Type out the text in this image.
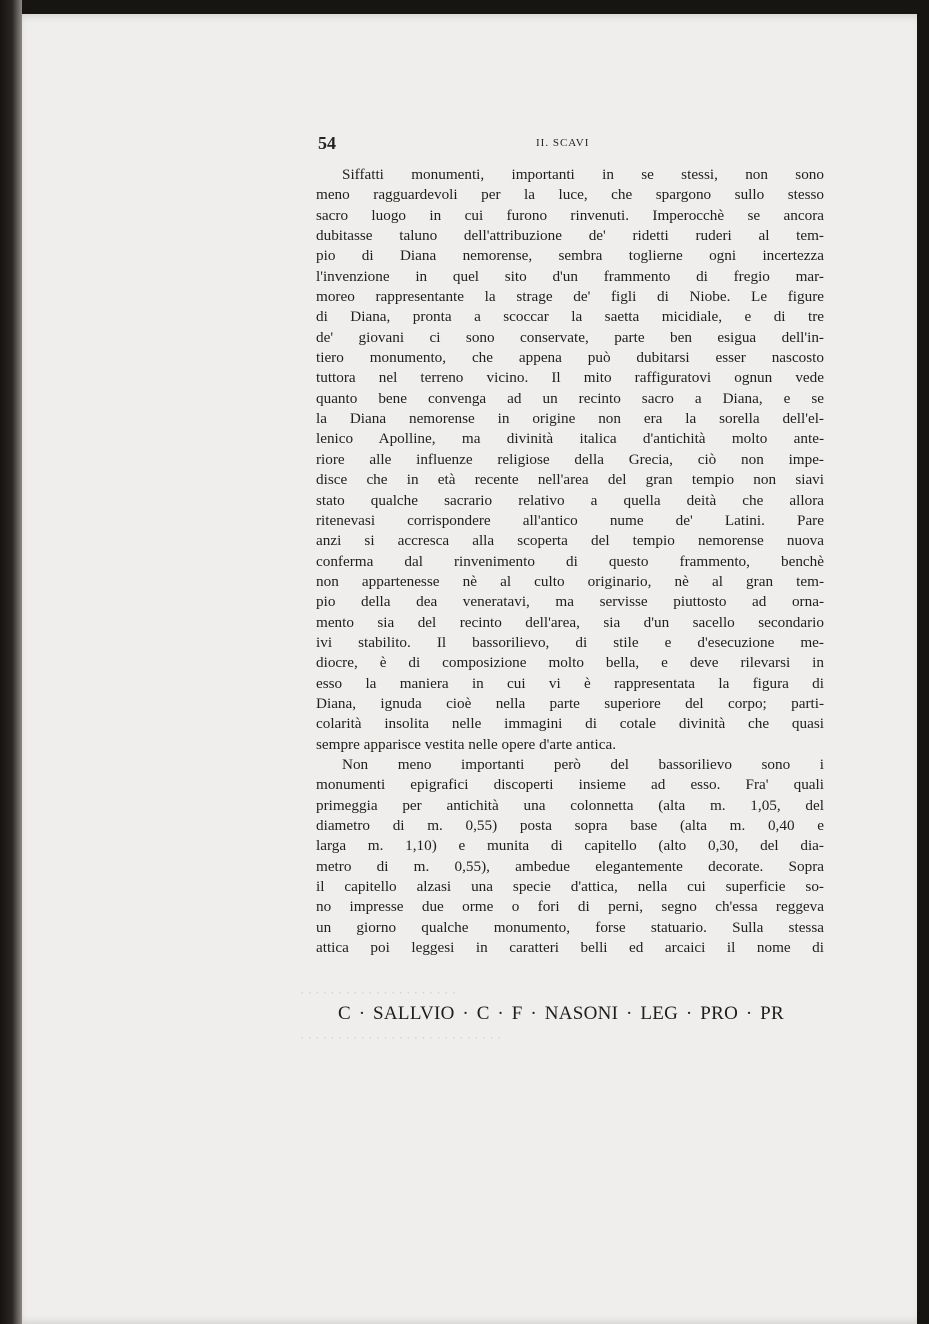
· · · · · · · · · · · · · · · · · · · · ·
· · · · · · · · · · · · · · · · · · · · · · · · · · ·
54	II. SCAVI
Siffatti monumenti, importanti in se stessi, non sono
meno ragguardevoli per la luce, che spargono sullo stesso
sacro luogo in cui furono rinvenuti. Imperocchè se ancora
dubitasse taluno dell'attribuzione de' ridetti ruderi al tem-
pio di Diana nemorense, sembra toglierne ogni incertezza
l'invenzione in quel sito d'un frammento di fregio mar-
moreo rappresentante la strage de' figli di Niobe. Le figure
di Diana, pronta a scoccar la saetta micidiale, e di tre
de' giovani ci sono conservate, parte ben esigua dell'in-
tiero monumento, che appena può dubitarsi esser nascosto
tuttora nel terreno vicino. Il mito raffiguratovi ognun vede
quanto bene convenga ad un recinto sacro a Diana, e se
la Diana nemorense in origine non era la sorella dell'el-
lenico Apolline, ma divinità italica d'antichità molto ante-
riore alle influenze religiose della Grecia, ciò non impe-
disce che in età recente nell'area del gran tempio non siavi
stato qualche sacrario relativo a quella deità che allora
ritenevasi corrispondere all'antico nume de' Latini. Pare
anzi si accresca alla scoperta del tempio nemorense nuova
conferma dal rinvenimento di questo frammento, benchè
non appartenesse nè al culto originario, nè al gran tem-
pio della dea veneratavi, ma servisse piuttosto ad orna-
mento sia del recinto dell'area, sia d'un sacello secondario
ivi stabilito. Il bassorilievo, di stile e d'esecuzione me-
diocre, è di composizione molto bella, e deve rilevarsi in
esso la maniera in cui vi è rappresentata la figura di
Diana, ignuda cioè nella parte superiore del corpo; parti-
colarità insolita nelle immagini di cotale divinità che quasi
sempre apparisce vestita nelle opere d'arte antica.
Non meno importanti però del bassorilievo sono i
monumenti epigrafici discoperti insieme ad esso. Fra' quali
primeggia per antichità una colonnetta (alta m. 1,05, del
diametro di m. 0,55) posta sopra base (alta m. 0,40 e
larga m. 1,10) e munita di capitello (alto 0,30, del dia-
metro di m. 0,55), ambedue elegantemente decorate. Sopra
il capitello alzasi una specie d'attica, nella cui superficie so-
no impresse due orme o fori di perni, segno ch'essa reggeva
un giorno qualche monumento, forse statuario. Sulla stessa
attica poi leggesi in caratteri belli ed arcaici il nome di
C · SALLVIO · C · F · NASONI · LEG · PRO · PR
